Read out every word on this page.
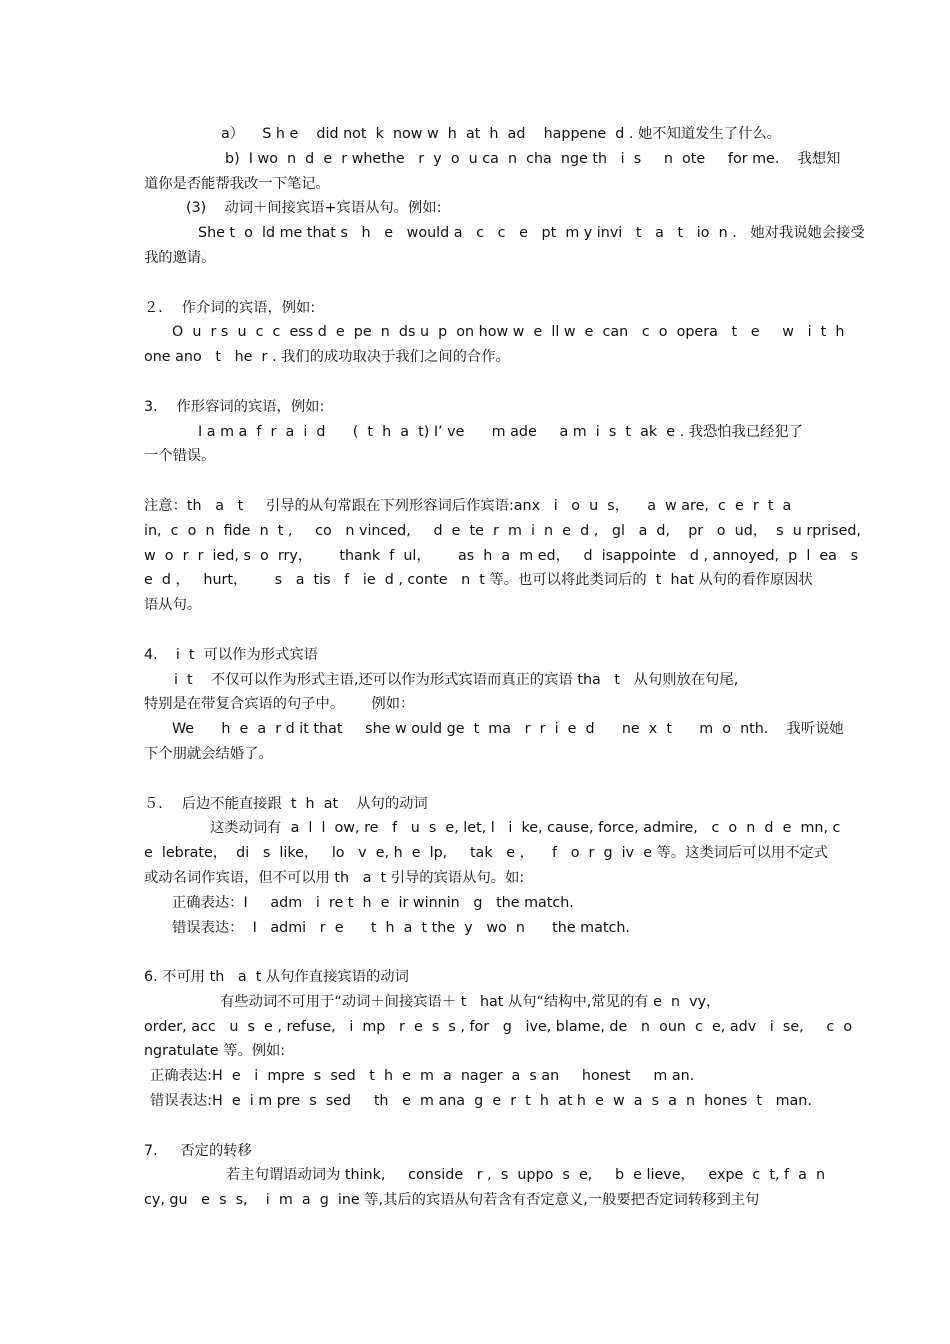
a）    S h e    did not  k  now w  h  at  h  ad    happene  d . 她不知道发生了什么。
b)  I wo  n  d  e  r whethe   r  y  o  u ca  n  cha  nge th   i  s     n  ote     for me.    我想知
道你是否能帮我改一下笔记。
(3)    动词＋间接宾语+宾语从句。例如:
She t  o  ld me that s   h   e   would a   c   c   e   pt  m y invi   t   a   t   io  n .   她对我说她会接受
我的邀请。
２．  作介词的宾语，例如:
O  u  r s  u  c  c  ess d  e  pe  n  ds u  p  on how w  e  ll w  e  can   c  o  opera   t   e     w   i  t  h
one ano   t   he  r . 我们的成功取决于我们之间的合作。
3．  作形容词的宾语，例如:
I a m a  f  r  a  i  d      (  t  h  a  t) I’ ve      m ade     a m  i  s  t  ak  e . 我恐怕我已经犯了
一个错误。
注意：th   a   t     引导的从句常跟在下列形容词后作宾语:anx   i   o  u  s，    a  w are,  c  e  r  t  a
in,  c  o  n  fide  n  t ,     co   n vinced,     d  e  te  r  m  i  n  e  d ,   gl   a  d,    pr   o  ud，  s  u rprised,
w  o  r  r  ied, s  o  rry，      thank  f  ul，      as  h  a  m ed，   d  isappointe   d , annoyed,  p  l  ea   s
e  d ，   hurt，      s   a  tis   f   ie  d , conte   n  t 等。也可以将此类词后的  t  hat 从句的看作原因状
语从句。
4.    i  t  可以作为形式宾语
i  t    不仅可以作为形式主语,还可以作为形式宾语而真正的宾语 tha   t   从句则放在句尾,
特别是在带复合宾语的句子中。      例如：
We      h  e  a  r d it that     she w ould ge  t  ma   r  r  i  e  d      ne  x  t      m  o  nth.    我听说她
下个朋就会结婚了。
５．  后边不能直接跟  t  h  at    从句的动词
这类动词有  a  l  l  ow, re   f   u  s  e, let, l   i  ke, cause, force, admire,   c  o  n  d  e  mn, c
e  lebrate，  di   s  like，   lo   v  e, h  e  lp,     tak   e ，    f   o  r  g  iv  e 等。这类词后可以用不定式
或动名词作宾语，但不可以用 th   a  t 引导的宾语从句。如:
正确表达：I     adm   i  re t  h  e  ir winnin   g   the match.
错误表达：  I   admi   r  e      t  h  a  t the  y   wo  n      the match.
6. 不可用 th   a  t 从句作直接宾语的动词
有些动词不可用于“动词＋间接宾语＋ t   hat 从句“结构中,常见的有 e  n  vy，
order, acc   u  s  e , refuse,   i  mp   r  e  s  s , for   g   ive, blame, de   n  oun  c  e, adv   i  se,     c  o
ngratulate 等。例如:
正确表达:H  e   i  mpre  s  sed   t  h  e  m  a  nager  a  s an     honest     m an.
错误表达:H  e  i m pre  s  sed     th   e  m ana  g  e  r  t  h  at h  e  w  a  s  a  n  hones  t   man.
7.     否定的转移
若主句谓语动词为 think,     conside   r ,  s  uppo  s  e,     b  e lieve，   expe  c  t, f  a  n
cy, gu   e  s  s,    i  m  a  g  ine 等,其后的宾语从句若含有否定意义,一般要把否定词转移到主句
